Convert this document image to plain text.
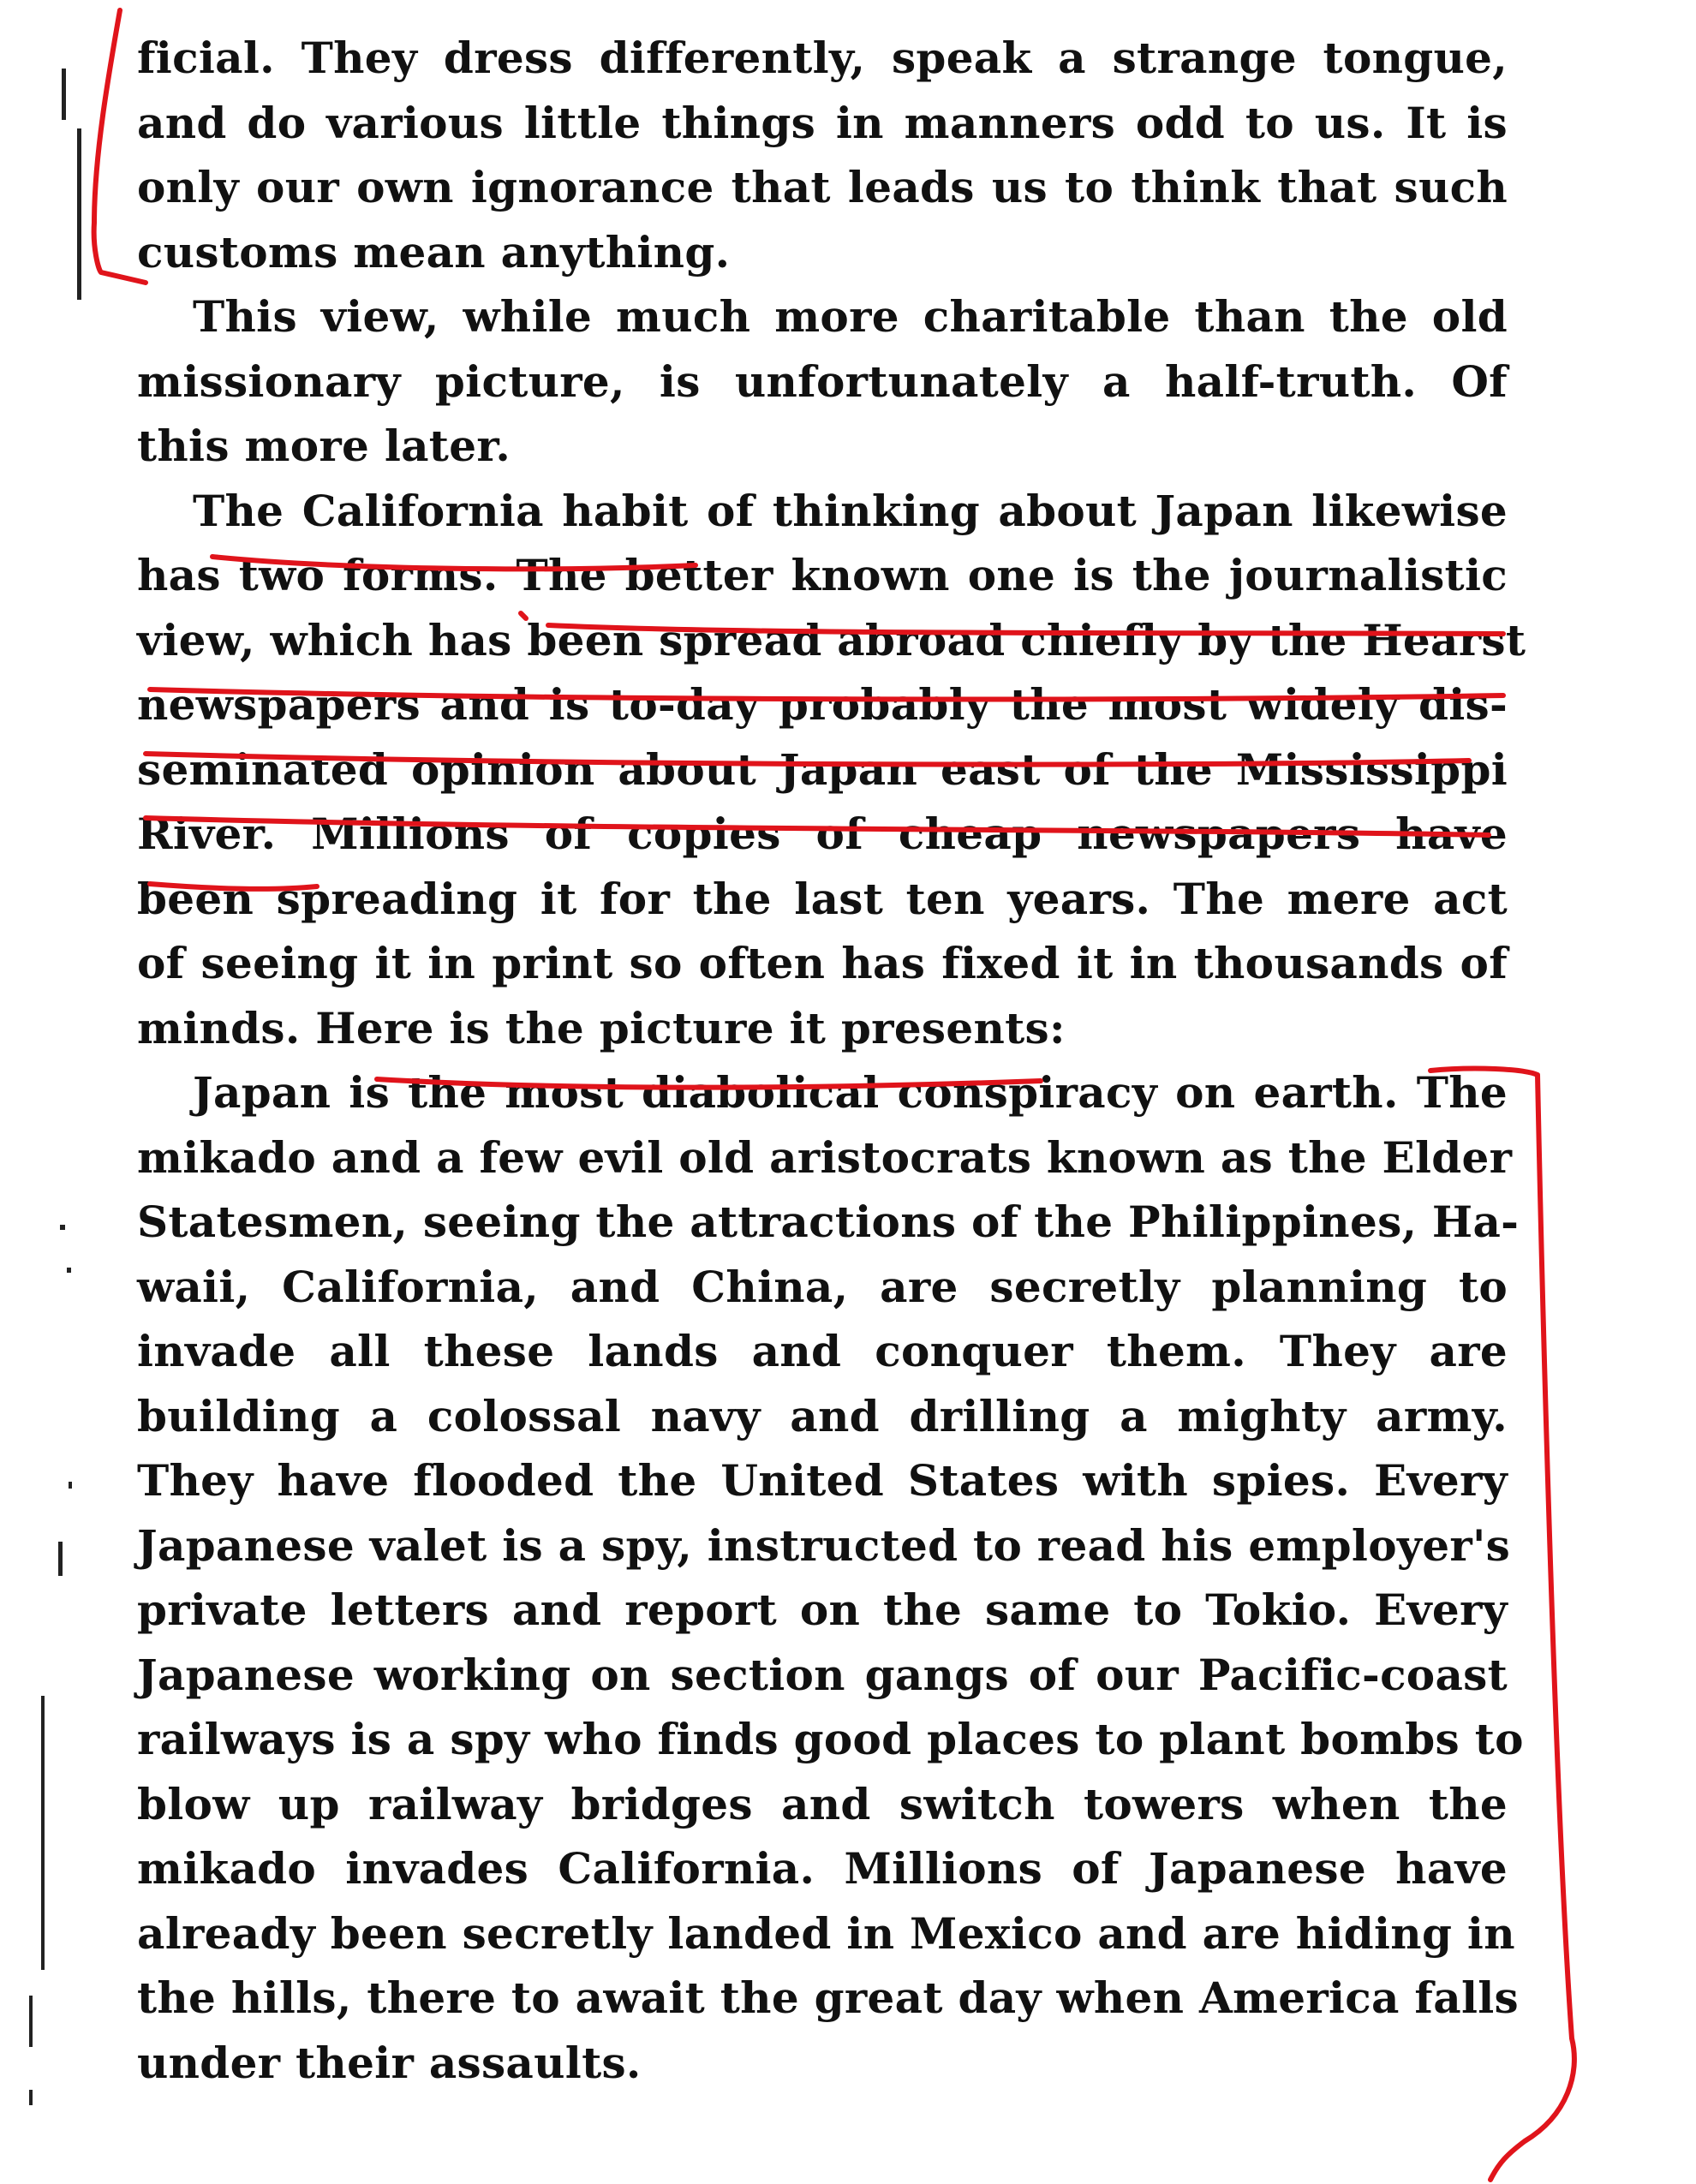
ficial. They dress differently, speak a strange tongue,
and do various little things in manners odd to us. It is
only our own ignorance that leads us to think that such
customs mean anything.
This view, while much more charitable than the old
missionary picture, is unfortunately a half-truth. Of
this more later.
The California habit of thinking about Japan likewise
has two forms. The better known one is the journalistic
view, which has been spread abroad chiefly by the Hearst
newspapers and is to-day probably the most widely dis-
seminated opinion about Japan east of the Mississippi
River. Millions of copies of cheap newspapers have
been spreading it for the last ten years. The mere act
of seeing it in print so often has fixed it in thousands of
minds. Here is the picture it presents:
Japan is the most diabolical conspiracy on earth. The
mikado and a few evil old aristocrats known as the Elder
Statesmen, seeing the attractions of the Philippines, Ha-
waii, California, and China, are secretly planning to
invade all these lands and conquer them. They are
building a colossal navy and drilling a mighty army.
They have flooded the United States with spies. Every
Japanese valet is a spy, instructed to read his employer's
private letters and report on the same to Tokio. Every
Japanese working on section gangs of our Pacific-coast
railways is a spy who finds good places to plant bombs to
blow up railway bridges and switch towers when the
mikado invades California. Millions of Japanese have
already been secretly landed in Mexico and are hiding in
the hills, there to await the great day when America falls
under their assaults.
